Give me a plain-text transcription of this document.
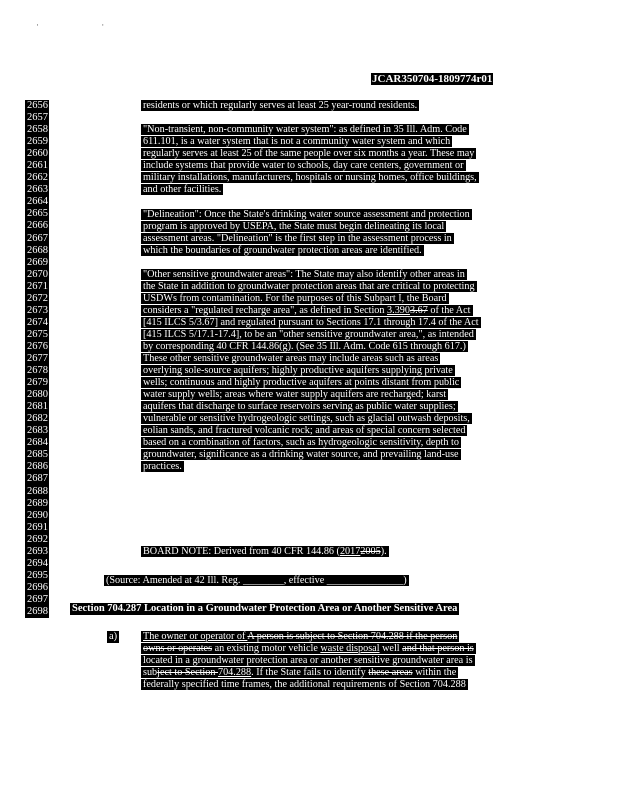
· ·
JCAR350704-1809774r01
2656
2657
2658
2659
2660
2661
2662
2663
2664
2665
2666
2667
2668
2669
2670
2671
2672
2673
2674
2675
2676
2677
2678
2679
2680
2681
2682
2683
2684
2685
2686
2687
2688
2689
2690
2691
2692
2693
2694
2695
2696
2697
2698
residents or which regularly serves at least 25 year-round residents.
"Non-transient, non-community water system": as defined in 35 Ill. Adm. Code
611.101, is a water system that is not a community water system and which
regularly serves at least 25 of the same people over six months a year. These may
include systems that provide water to schools, day care centers, government or
military installations, manufacturers, hospitals or nursing homes, office buildings,
and other facilities.
"Delineation": Once the State's drinking water source assessment and protection
program is approved by USEPA, the State must begin delineating its local
assessment areas. "Delineation" is the first step in the assessment process in
which the boundaries of groundwater protection areas are identified.
"Other sensitive groundwater areas": The State may also identify other areas in
the State in addition to groundwater protection areas that are critical to protecting
USDWs from contamination. For the purposes of this Subpart I, the Board
considers a "regulated recharge area", as defined in Section 3.3903.67 of the Act
[415 ILCS 5/3.67] and regulated pursuant to Sections 17.1 through 17.4 of the Act
[415 ILCS 5/17.1-17.4], to be an "other sensitive groundwater area,", as intended
by corresponding 40 CFR 144.86(g). (See 35 Ill. Adm. Code 615 through 617.)
These other sensitive groundwater areas may include areas such as areas
overlying sole-source aquifers; highly productive aquifers supplying private
wells; continuous and highly productive aquifers at points distant from public
water supply wells; areas where water supply aquifers are recharged; karst
aquifers that discharge to surface reservoirs serving as public water supplies;
vulnerable or sensitive hydrogeologic settings, such as glacial outwash deposits,
eolian sands, and fractured volcanic rock; and areas of special concern selected
based on a combination of factors, such as hydrogeologic sensitivity, depth to
groundwater, significance as a drinking water source, and prevailing land-use
practices.
BOARD NOTE: Derived from 40 CFR 144.86 (20172005).
(Source: Amended at 42 Ill. Reg. ________, effective _______________)
Section 704.287 Location in a Groundwater Protection Area or Another Sensitive Area
a)	The owner or operator of A person is subject to Section 704.288 if the person
owns or operates an existing motor vehicle waste disposal well and that person is
located in a groundwater protection area or another sensitive groundwater area is
subject to Section 704.288. If the State fails to identify these areas within the
federally specified time frames, the additional requirements of Section 704.288
